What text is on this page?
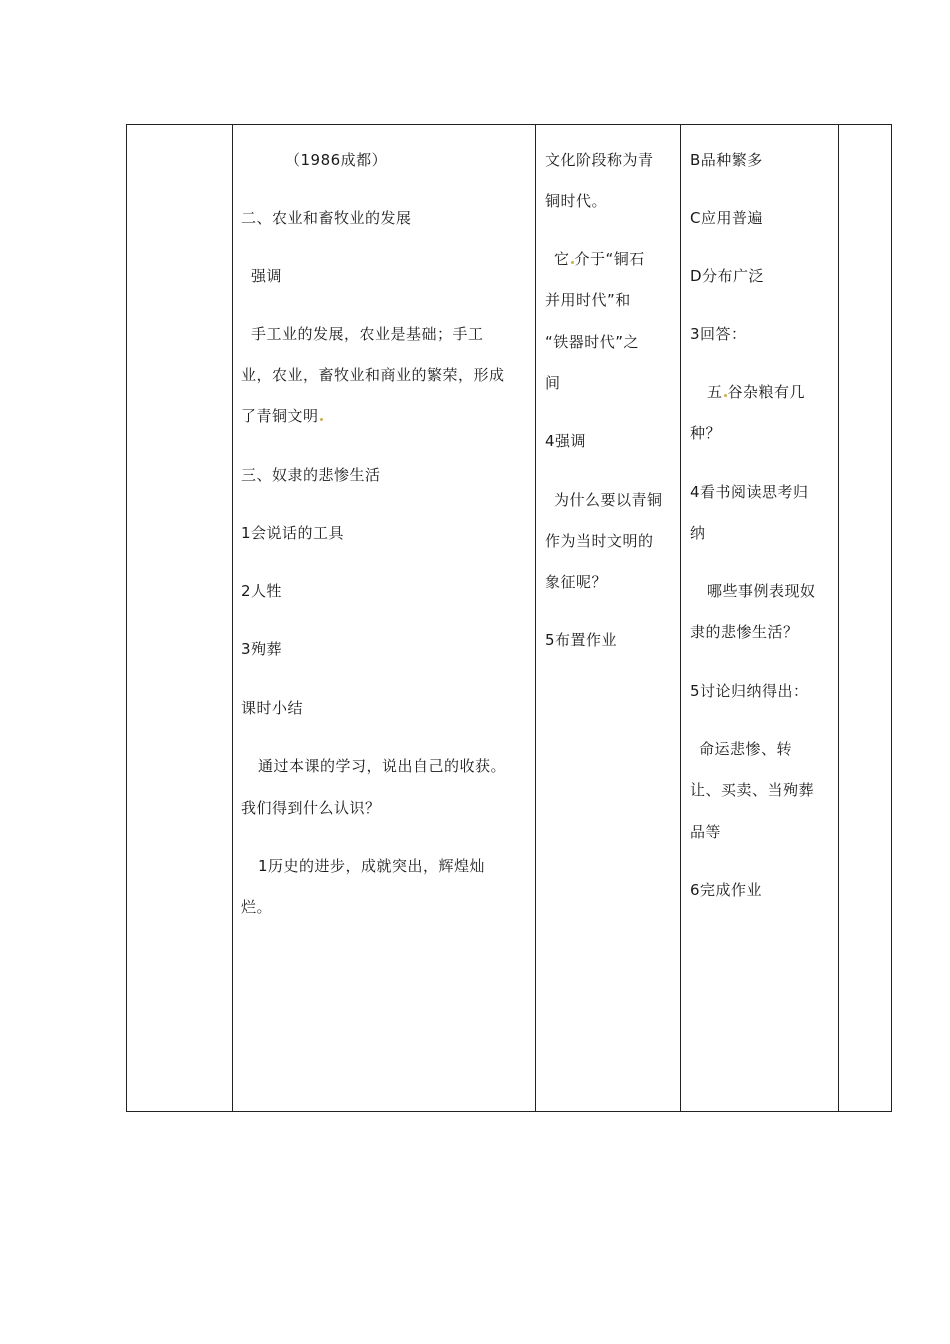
（1986成都）
二、农业和畜牧业的发展
强调
手工业的发展，农业是基础；手工
业，农业，畜牧业和商业的繁荣，形成
了青铜文明
三、奴隶的悲惨生活
1会说话的工具
2人牲
3殉葬
课时小结
通过本课的学习，说出自己的收获。
我们得到什么认识？
1历史的进步，成就突出，辉煌灿
烂。
文化阶段称为青
铜时代。
它 介于“铜石
并用时代”和
“铁器时代”之
间
4强调
为什么要以青铜
作为当时文明的
象征呢？
5布置作业
B品种繁多
C应用普遍
D分布广泛
3回答：
五 谷杂粮有几
种？
4看书阅读思考归
纳
哪些事例表现奴
隶的悲惨生活？
5讨论归纳得出：
命运悲惨、转
让、买卖、当殉葬
品等
6完成作业
